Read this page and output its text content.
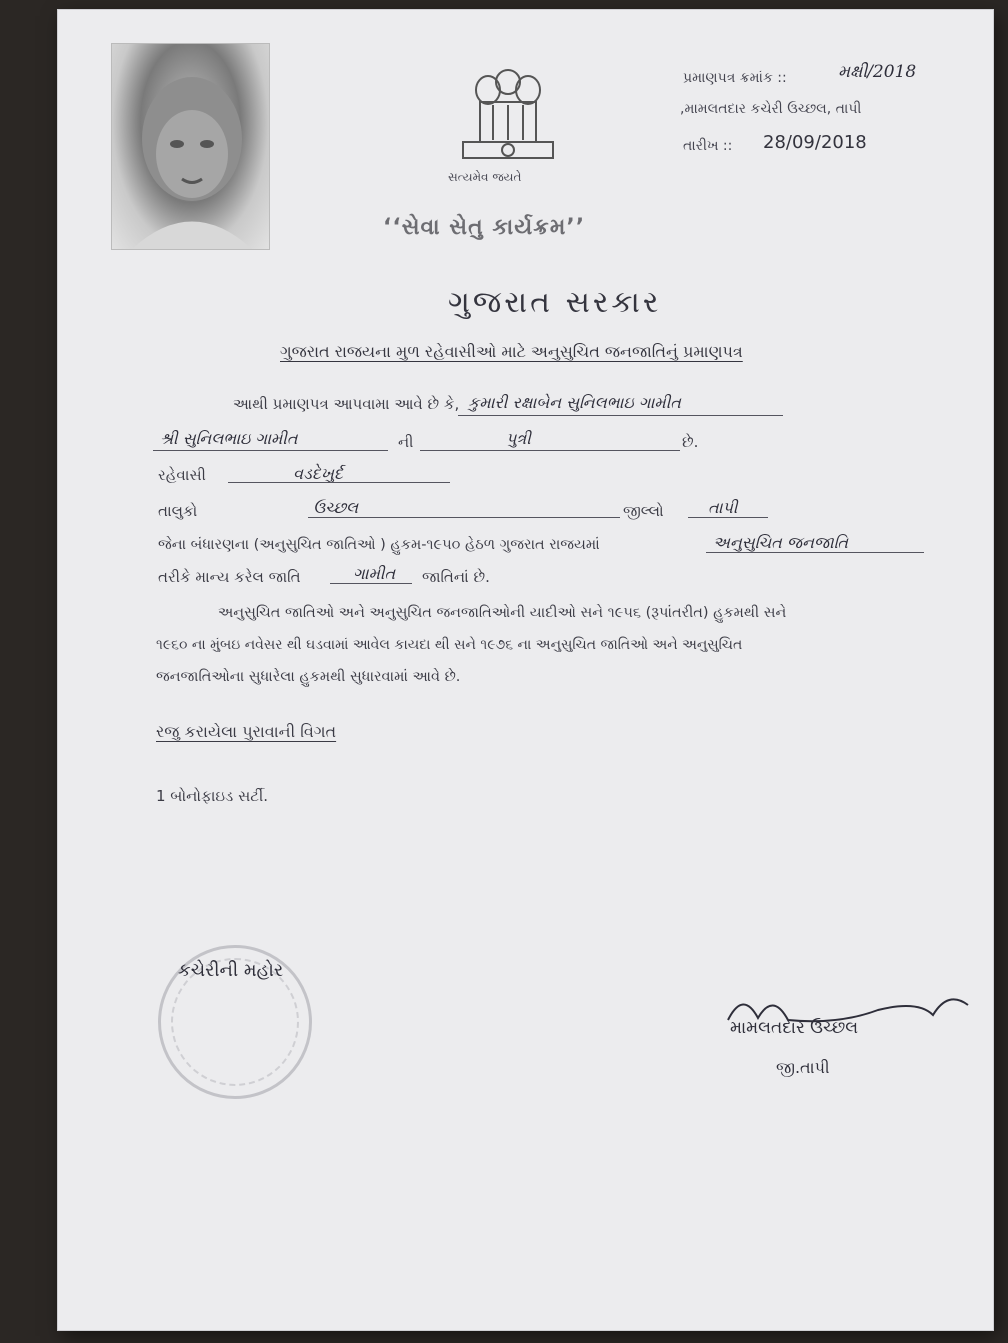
સત્યમેવ જયતે
પ્રમાણપત્ર ક્રમાંક ::	મક્ષી/2018
,મામલતદાર કચેરી ઉચ્છલ, તાપી
તારીખ :: 28/09/2018
‘‘સેવા સેતુ કાર્યક્રમ’’
ગુજરાત સરકાર
ગુજરાત રાજયના મુળ રહેવાસીઓ માટે અનુસુચિત જનજાતિનું પ્રમાણપત્ર
આથી પ્રમાણપત્ર આપવામા આવે છે કે, કુમારી રક્ષાબેન સુનિલભાઇ ગામીત
શ્રી સુનિલભાઇ ગામીત	ની	પુત્રી	છે.
રહેવાસી	વડદેખુર્દ
તાલુકો	ઉચ્છલ	જીલ્લો	તાપી
જેના બંધારણના (અનુસુચિત જાતિઓ ) હુકમ-૧૯૫૦ હેઠળ ગુજરાત રાજયમાં	અનુસુચિત જનજાતિ
તરીકે માન્ય કરેલ જાતિ	ગામીત જાતિનાં છે.
અનુસુચિત જાતિઓ અને અનુસુચિત જનજાતિઓની યાદીઓ સને ૧૯૫૬ (રૂપાંતરીત) હુકમથી સને
૧૯૬૦ ના મુંબઇ નવેસર થી ઘડવામાં આવેલ કાયદા થી સને ૧૯૭૬ ના અનુસુચિત જાતિઓ અને અનુસુચિત
જનજાતિઓના સુધારેલા હુકમથી સુધારવામાં આવે છે.
રજુ કરાયેલા પુરાવાની વિગત
1 બોનોફાઇડ સર્ટી.
કચેરીની મહોર
મામલતદાર ઉચ્છલ
જી.તાપી
